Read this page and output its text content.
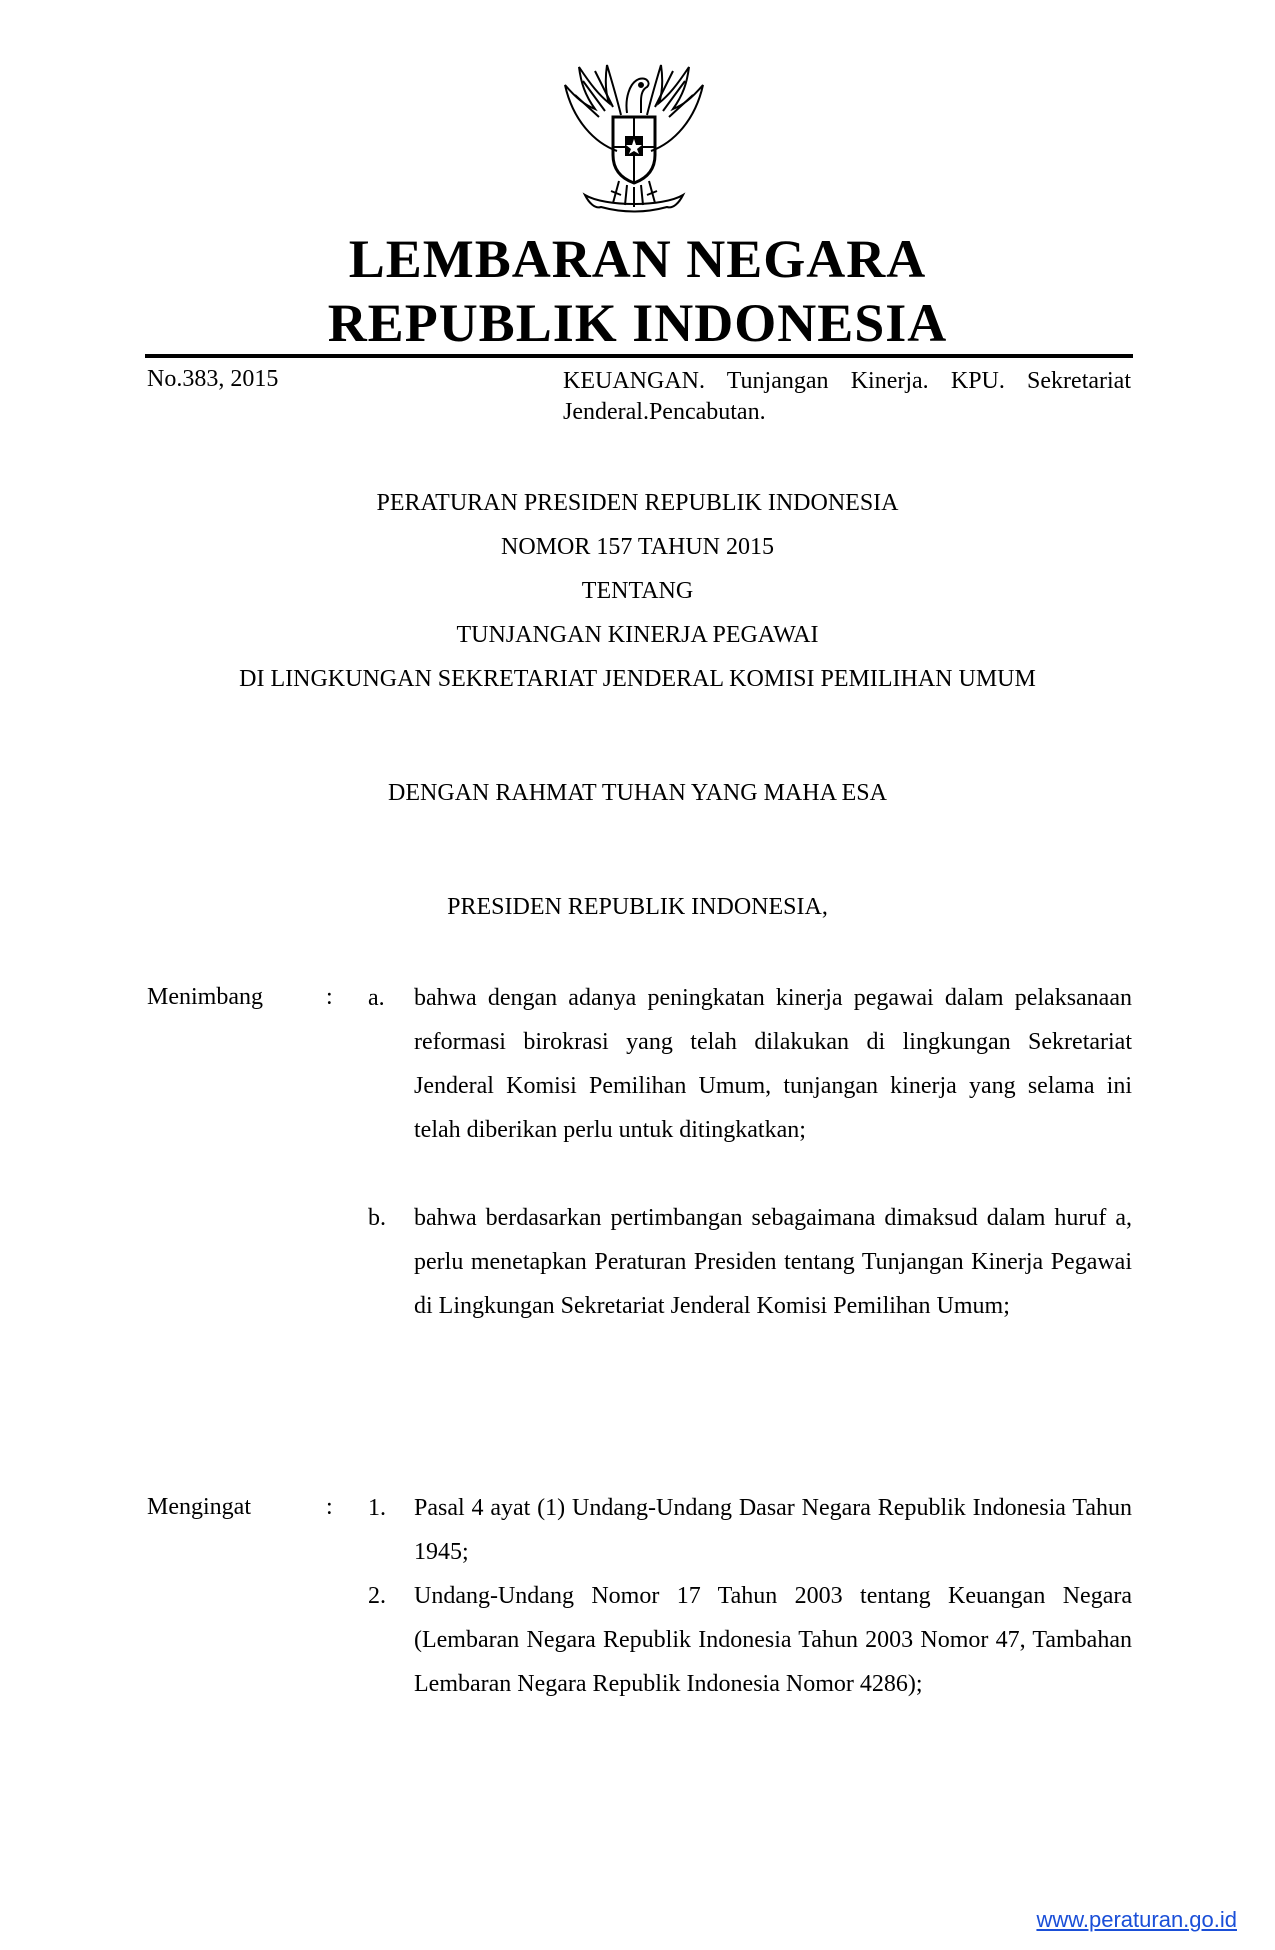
LEMBARAN NEGARA
REPUBLIK INDONESIA
No.383, 2015	KEUANGAN. Tunjangan Kinerja. KPU. Sekretariat Jenderal.Pencabutan.
PERATURAN PRESIDEN REPUBLIK INDONESIA
NOMOR 157 TAHUN 2015
TENTANG
TUNJANGAN KINERJA PEGAWAI
DI LINGKUNGAN SEKRETARIAT JENDERAL KOMISI PEMILIHAN UMUM
DENGAN RAHMAT TUHAN YANG MAHA ESA
PRESIDEN REPUBLIK INDONESIA,
Menimbang	: a. bahwa dengan adanya peningkatan kinerja pegawai dalam pelaksanaan reformasi birokrasi yang telah dilakukan di lingkungan Sekretariat Jenderal Komisi Pemilihan Umum, tunjangan kinerja yang selama ini telah diberikan perlu untuk ditingkatkan;
b. bahwa berdasarkan pertimbangan sebagaimana dimaksud dalam huruf a, perlu menetapkan Peraturan Presiden tentang Tunjangan Kinerja Pegawai di Lingkungan Sekretariat Jenderal Komisi Pemilihan Umum;
Mengingat	: 1. Pasal 4 ayat (1) Undang-Undang Dasar Negara Republik Indonesia Tahun 1945;
2. Undang-Undang Nomor 17 Tahun 2003 tentang Keuangan Negara (Lembaran Negara Republik Indonesia Tahun 2003 Nomor 47, Tambahan Lembaran Negara Republik Indonesia Nomor 4286);
www.peraturan.go.id
